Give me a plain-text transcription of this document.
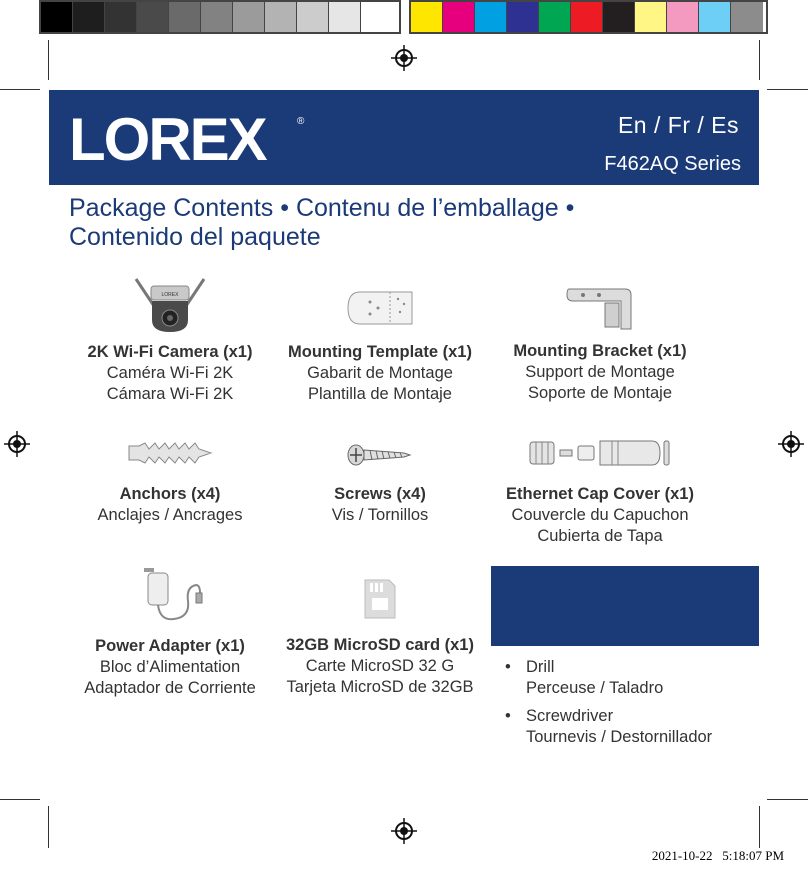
LOREX	®	En / Fr / Es
F462AQ Series
Package Contents • Contenu de l’emballage •
Contenido del paquete
LOREX
2K Wi-Fi Camera (x1)
Caméra Wi-Fi 2K
Cámara Wi-Fi 2K
Mounting Template (x1)
Gabarit de Montage
Plantilla de Montaje
Mounting Bracket (x1)
Support de Montage
Soporte de Montaje
Anchors (x4)
Anclajes / Ancrages
Screws (x4)
Vis / Tornillos
Ethernet Cap Cover (x1)
Couvercle du Capuchon
Cubierta de Tapa
Power Adapter (x1)
Bloc d’Alimentation
Adaptador de Corriente
32GB MicroSD card (x1)
Carte MicroSD 32 G
Tarjeta MicroSD de 32GB
• Drill
Perceuse / Taladro
• Screwdriver
Tournevis / Destornillador
2021-10-22   5:18:07 PM
